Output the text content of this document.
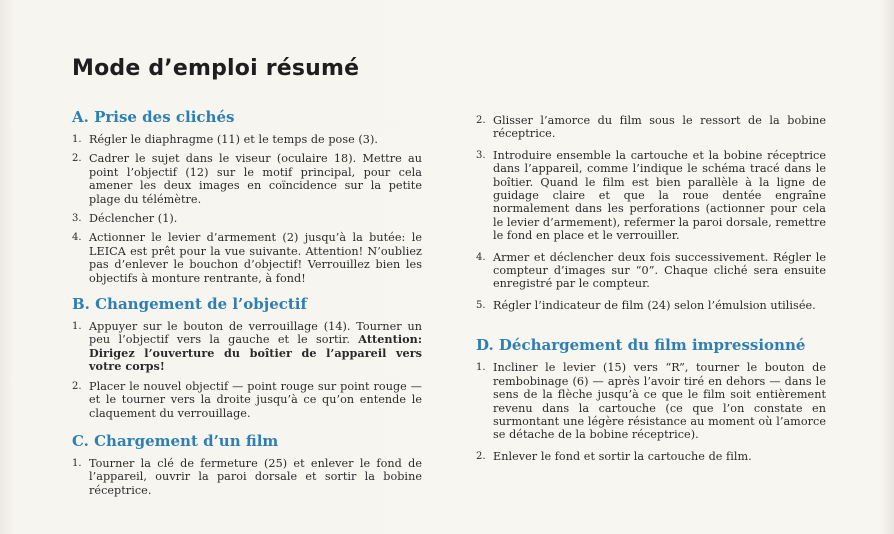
Mode d’emploi résumé
A. Prise des clichés
1. Régler le diaphragme (11) et le temps de pose (3).
2. Cadrer le sujet dans le viseur (oculaire 18). Mettre au point l’objectif (12) sur le motif principal, pour cela amener les deux images en coïncidence sur la petite plage du télémètre.
3. Déclencher (1).
4. Actionner le levier d’armement (2) jusqu’à la butée: le LEICA est prêt pour la vue suivante. Attention! N’oubliez pas d’enlever le bouchon d’objectif! Verrouillez bien les objectifs à monture rentrante, à fond!
B. Changement de l’objectif
1. Appuyer sur le bouton de verrouillage (14). Tourner un peu l’objectif vers la gauche et le sortir. Attention: Dirigez l’ouverture du boîtier de l’appareil vers votre corps!
2. Placer le nouvel objectif — point rouge sur point rouge — et le tourner vers la droite jusqu’à ce qu’on entende le claquement du verrouillage.
C. Chargement d’un film
1. Tourner la clé de fermeture (25) et enlever le fond de l’appareil, ouvrir la paroi dorsale et sortir la bobine réceptrice.
2. Glisser l’amorce du film sous le ressort de la bobine réceptrice.
3. Introduire ensemble la cartouche et la bobine réceptrice dans l’appareil, comme l’indique le schéma tracé dans le boîtier. Quand le film est bien parallèle à la ligne de guidage claire et que la roue dentée engraîne normalement dans les perforations (actionner pour cela le levier d’armement), refermer la paroi dorsale, remettre le fond en place et le verrouiller.
4. Armer et déclencher deux fois successivement. Régler le compteur d’images sur “0”. Chaque cliché sera ensuite enregistré par le compteur.
5. Régler l’indicateur de film (24) selon l’émulsion utilisée.
D. Déchargement du film impressionné
1. Incliner le levier (15) vers “R”, tourner le bouton de rembobinage (6) — après l’avoir tiré en dehors — dans le sens de la flèche jusqu’à ce que le film soit entièrement revenu dans la cartouche (ce que l’on constate en surmontant une légère résistance au moment où l’amorce se détache de la bobine réceptrice).
2. Enlever le fond et sortir la cartouche de film.
